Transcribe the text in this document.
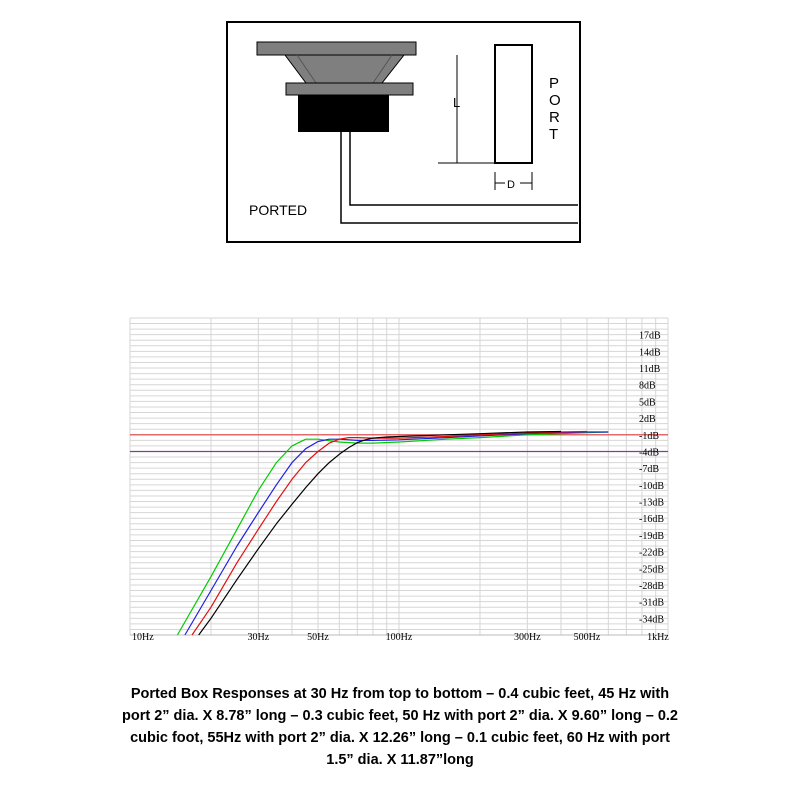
L
D
P O R T
PORTED
17dB
14dB
11dB
8dB
5dB
2dB
-1dB
-4dB
-7dB
-10dB
-13dB
-16dB
-19dB
-22dB
-25dB
-28dB
-31dB
-34dB
10Hz	30Hz	50Hz	100Hz	300Hz	500Hz	1kHz
Ported Box Responses at 30 Hz from top to bottom – 0.4 cubic feet, 45 Hz with port 2” dia. X 8.78” long – 0.3 cubic feet, 50 Hz with port 2” dia. X 9.60” long – 0.2 cubic foot, 55Hz with port 2” dia. X 12.26” long – 0.1 cubic feet, 60 Hz with port 1.5” dia. X 11.87”long
